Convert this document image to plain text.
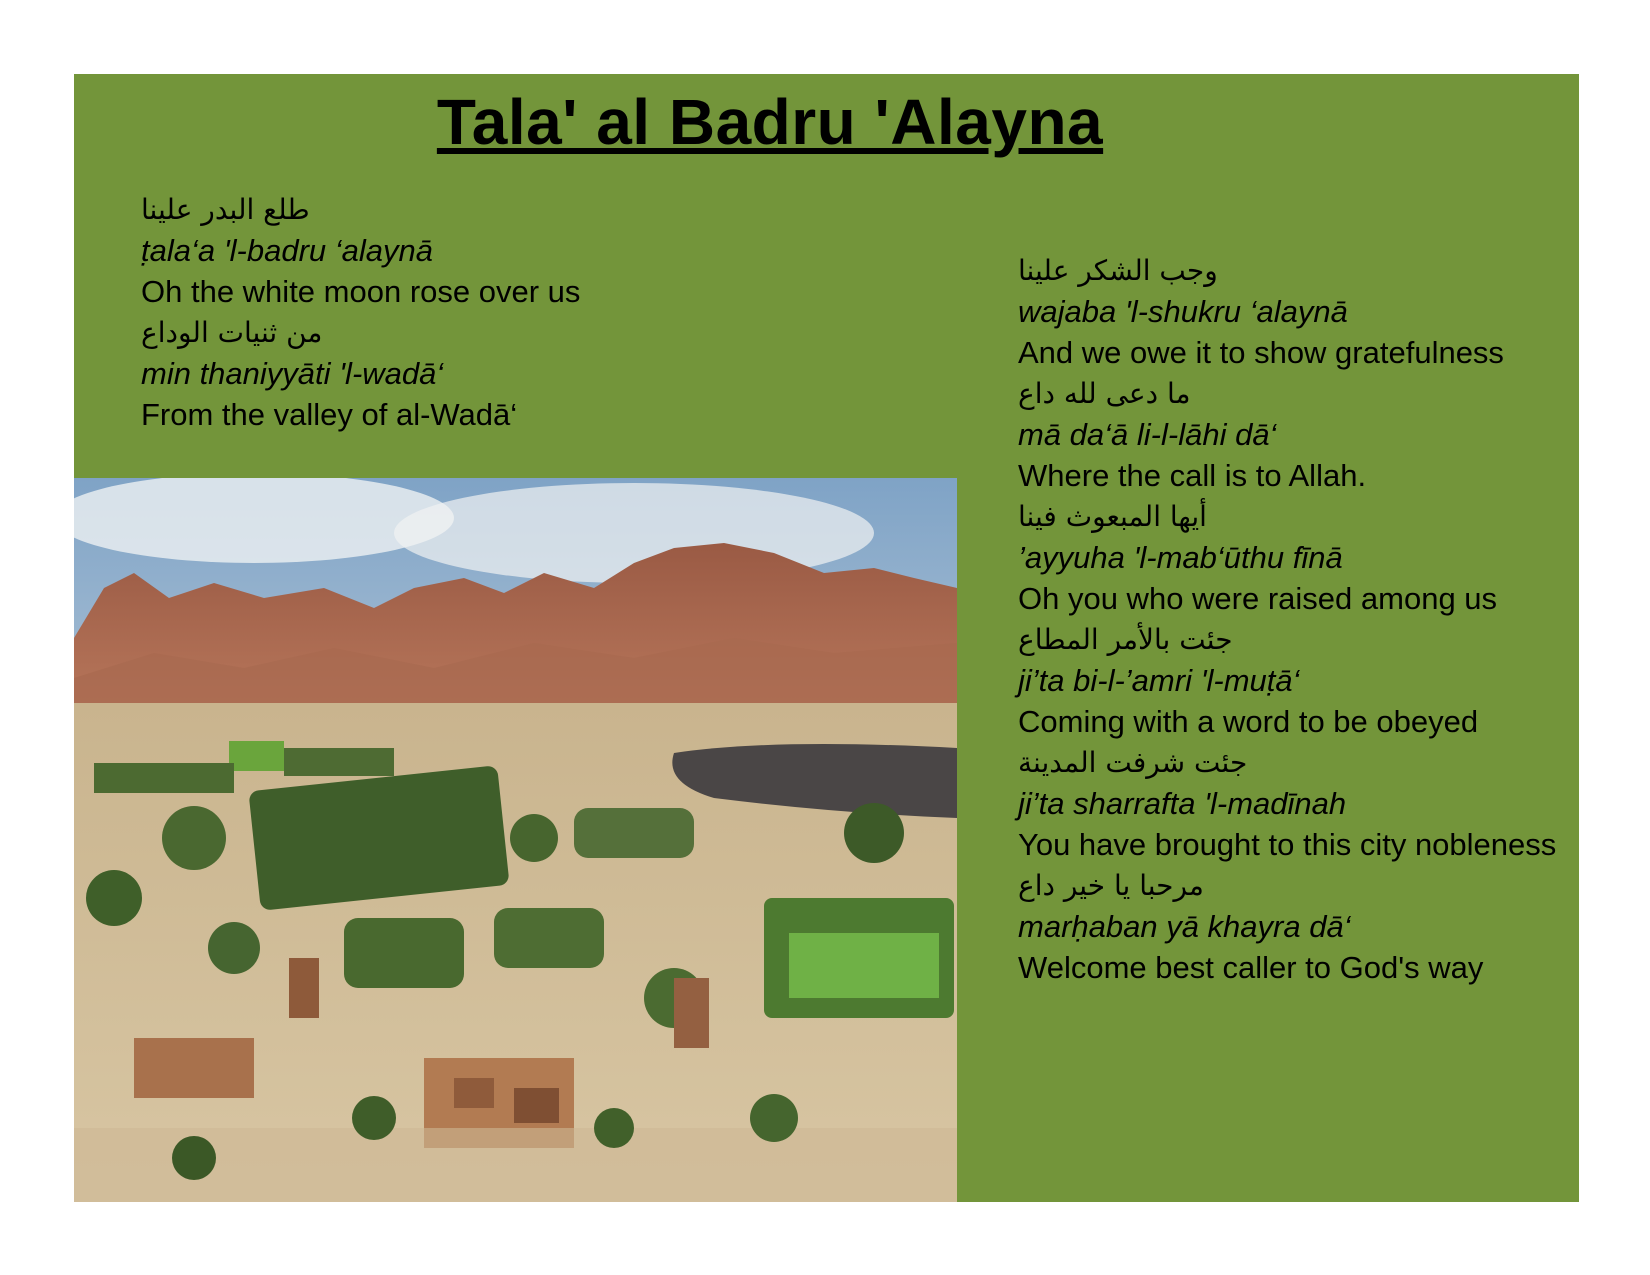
Tala' al Badru 'Alayna
طلع البدر علينا
ṭala‘a 'l-badru ‘alaynā
Oh the white moon rose over us
من ثنيات الوداع
min thaniyyāti 'l-wadā‘
From the valley of al-Wadā‘
وجب الشكر علينا
wajaba 'l-shukru ‘alaynā
And we owe it to show gratefulness
ما دعى لله داع
mā da‘ā li-l-lāhi dā‘
Where the call is to Allah.
أيها المبعوث فينا
’ayyuha 'l-mab‘ūthu fīnā
Oh you who were raised among us
جئت بالأمر المطاع
ji’ta bi-l-’amri 'l-muṭā‘
Coming with a word to be obeyed
جئت شرفت المدينة
ji’ta sharrafta 'l-madīnah
You have brought to this city nobleness
مرحبا يا خير داع
marḥaban yā khayra dā‘
Welcome best caller to God's way
